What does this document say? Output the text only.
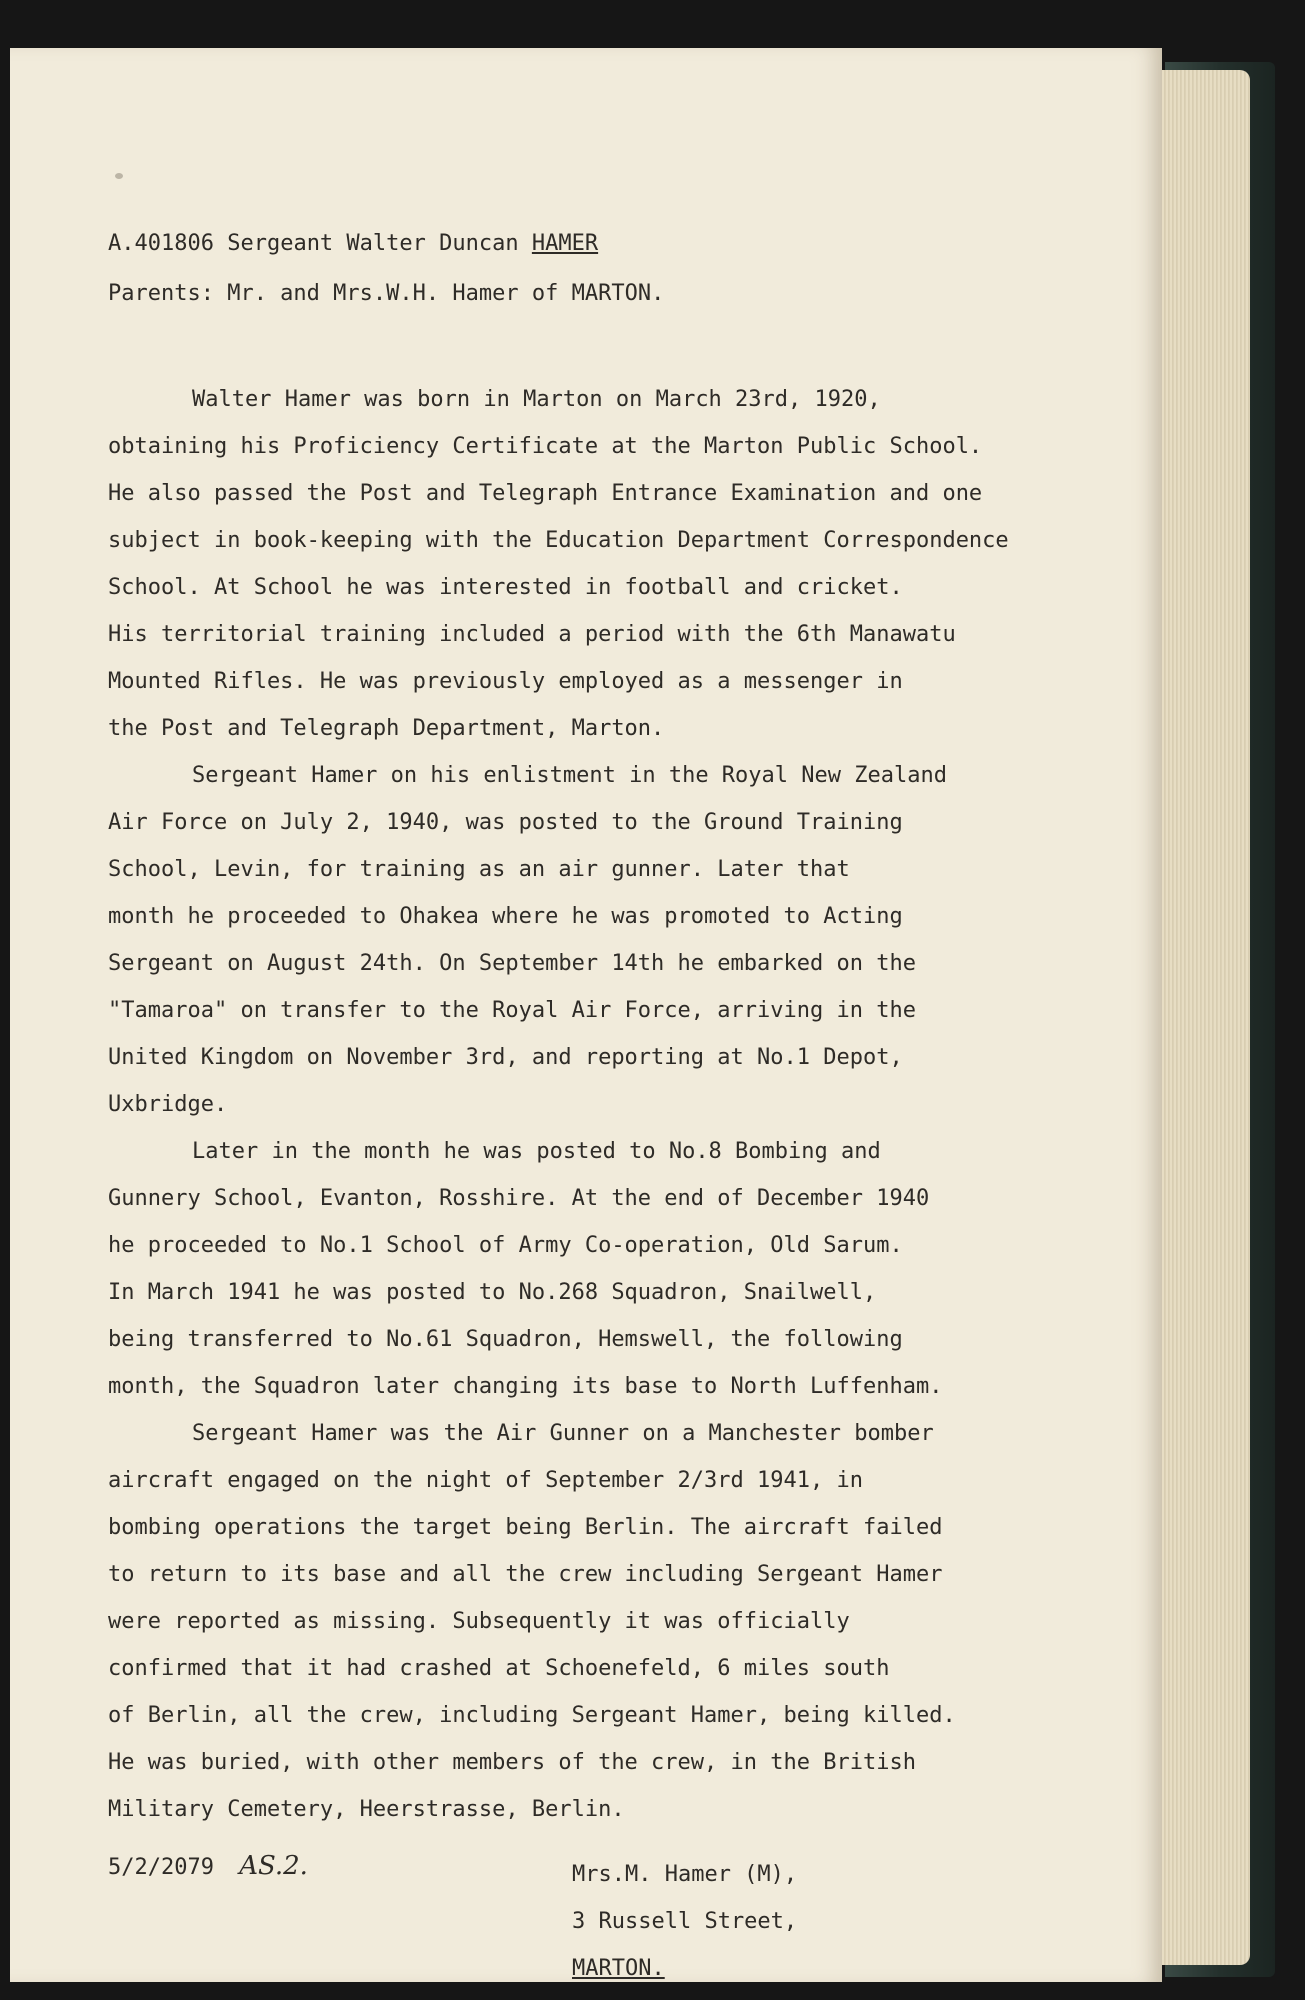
A.401806 Sergeant Walter Duncan HAMER
Parents: Mr. and Mrs.W.H. Hamer of MARTON.
Walter Hamer was born in Marton on March 23rd, 1920,
obtaining his Proficiency Certificate at the Marton Public School.
He also passed the Post and Telegraph Entrance Examination and one
subject in book-keeping with the Education Department Correspondence
School. At School he was interested in football and cricket.
His territorial training included a period with the 6th Manawatu
Mounted Rifles. He was previously employed as a messenger in
the Post and Telegraph Department, Marton.
Sergeant Hamer on his enlistment in the Royal New Zealand
Air Force on July 2, 1940, was posted to the Ground Training
School, Levin, for training as an air gunner. Later that
month he proceeded to Ohakea where he was promoted to Acting
Sergeant on August 24th. On September 14th he embarked on the
"Tamaroa" on transfer to the Royal Air Force, arriving in the
United Kingdom on November 3rd, and reporting at No.1 Depot,
Uxbridge.
Later in the month he was posted to No.8 Bombing and
Gunnery School, Evanton, Rosshire. At the end of December 1940
he proceeded to No.1 School of Army Co-operation, Old Sarum.
In March 1941 he was posted to No.268 Squadron, Snailwell,
being transferred to No.61 Squadron, Hemswell, the following
month, the Squadron later changing its base to North Luffenham.
Sergeant Hamer was the Air Gunner on a Manchester bomber
aircraft engaged on the night of September 2/3rd 1941, in
bombing operations the target being Berlin. The aircraft failed
to return to its base and all the crew including Sergeant Hamer
were reported as missing. Subsequently it was officially
confirmed that it had crashed at Schoenefeld, 6 miles south
of Berlin, all the crew, including Sergeant Hamer, being killed.
He was buried, with other members of the crew, in the British
Military Cemetery, Heerstrasse, Berlin.
5/2/2079 AS.2.	Mrs.M. Hamer (M),
3 Russell Street,
MARTON.
